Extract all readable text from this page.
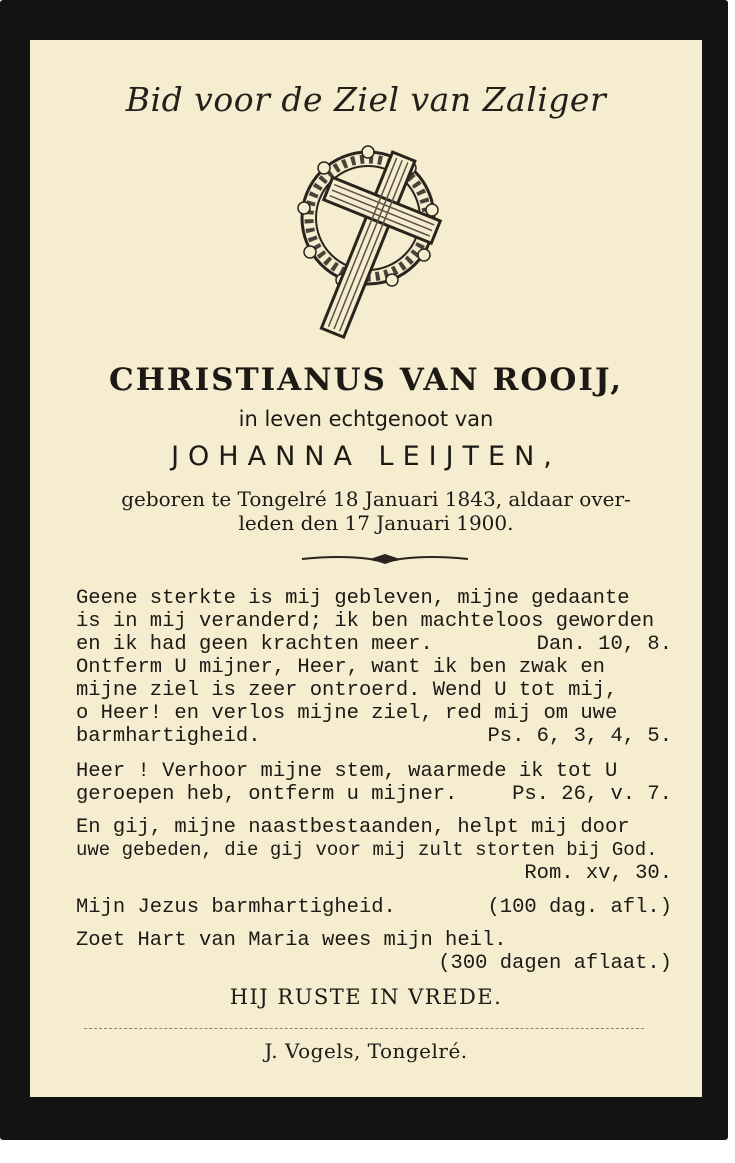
Bid voor de Ziel van Zaliger
CHRISTIANUS VAN ROOIJ,
in leven echtgenoot van
JOHANNA LEIJTEN,
geboren te Tongelré 18 Januari 1843, aldaar over-
leden den 17 Januari 1900.
Geene sterkte is mij gebleven, mijne gedaante
is in mij veranderd; ik ben machteloos geworden
en ik had geen krachten meer.	Dan. 10, 8.
Ontferm U mijner, Heer, want ik ben zwak en
mijne ziel is zeer ontroerd. Wend U tot mij,
o Heer! en verlos mijne ziel, red mij om uwe
barmhartigheid.	Ps. 6, 3, 4, 5.
Heer ! Verhoor mijne stem, waarmede ik tot U
geroepen heb, ontferm u mijner.	Ps. 26, v. 7.
En gij, mijne naastbestaanden, helpt mij door
uwe gebeden, die gij voor mij zult storten bij God.
Rom. xv, 30.
Mijn Jezus barmhartigheid.	(100 dag. afl.)
Zoet Hart van Maria wees mijn heil.
(300 dagen aflaat.)
HIJ RUSTE IN VREDE.
J. Vogels, Tongelré.
